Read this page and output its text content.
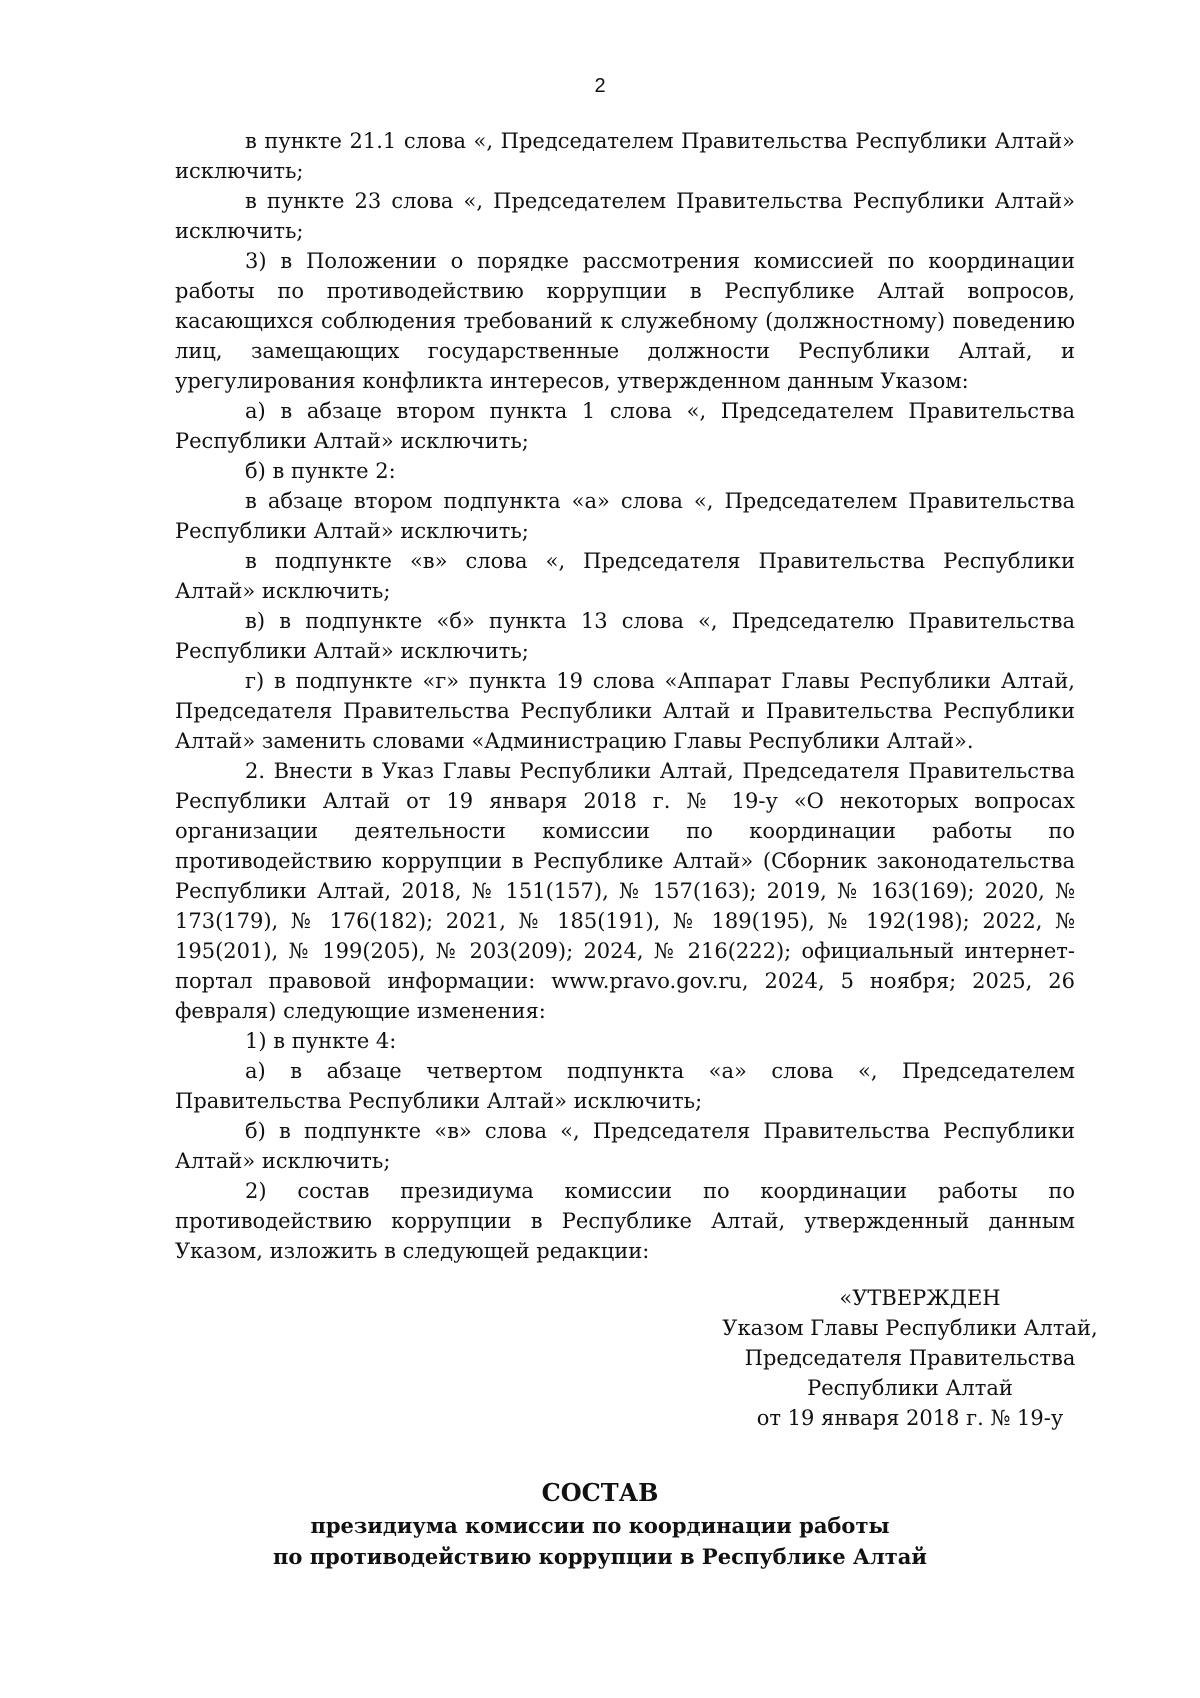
2

в пункте 21.1 слова «, Председателем Правительства Республики Алтай» исключить;

в пункте 23 слова «, Председателем Правительства Республики Алтай» исключить;

3) в Положении о порядке рассмотрения комиссией по координации работы по противодействию коррупции в Республике Алтай вопросов, касающихся соблюдения требований к служебному (должностному) поведению лиц, замещающих государственные должности Республики Алтай, и урегулирования конфликта интересов, утвержденном данным Указом:

а) в абзаце втором пункта 1 слова «, Председателем Правительства Республики Алтай» исключить;

б) в пункте 2:

в абзаце втором подпункта «а» слова «, Председателем Правительства Республики Алтай» исключить;

в подпункте «в» слова «, Председателя Правительства Республики Алтай» исключить;

в) в подпункте «б» пункта 13 слова «, Председателю Правительства Республики Алтай» исключить;

г) в подпункте «г» пункта 19 слова «Аппарат Главы Республики Алтай, Председателя Правительства Республики Алтай и Правительства Республики Алтай» заменить словами «Администрацию Главы Республики Алтай».

2. Внести в Указ Главы Республики Алтай, Председателя Правительства Республики Алтай от 19 января 2018 г. № 19-у «О некоторых вопросах организации деятельности комиссии по координации работы по противодействию коррупции в Республике Алтай» (Сборник законодательства Республики Алтай, 2018, № 151(157), № 157(163); 2019, № 163(169); 2020, № 173(179), № 176(182); 2021, № 185(191), № 189(195), № 192(198); 2022, № 195(201), № 199(205), № 203(209); 2024, № 216(222); официальный интернет-портал правовой информации: www.pravo.gov.ru, 2024, 5 ноября; 2025, 26 февраля) следующие изменения:

1) в пункте 4:

а) в абзаце четвертом подпункта «а» слова «, Председателем Правительства Республики Алтай» исключить;

б) в подпункте «в» слова «, Председателя Правительства Республики Алтай» исключить;

2) состав президиума комиссии по координации работы по противодействию коррупции в Республике Алтай, утвержденный данным Указом, изложить в следующей редакции:

«УТВЕРЖДЕН
Указом Главы Республики Алтай,
Председателя Правительства
Республики Алтай
от 19 января 2018 г. № 19-у
СОСТАВ
президиума комиссии по координации работы
по противодействию коррупции в Республике Алтай
